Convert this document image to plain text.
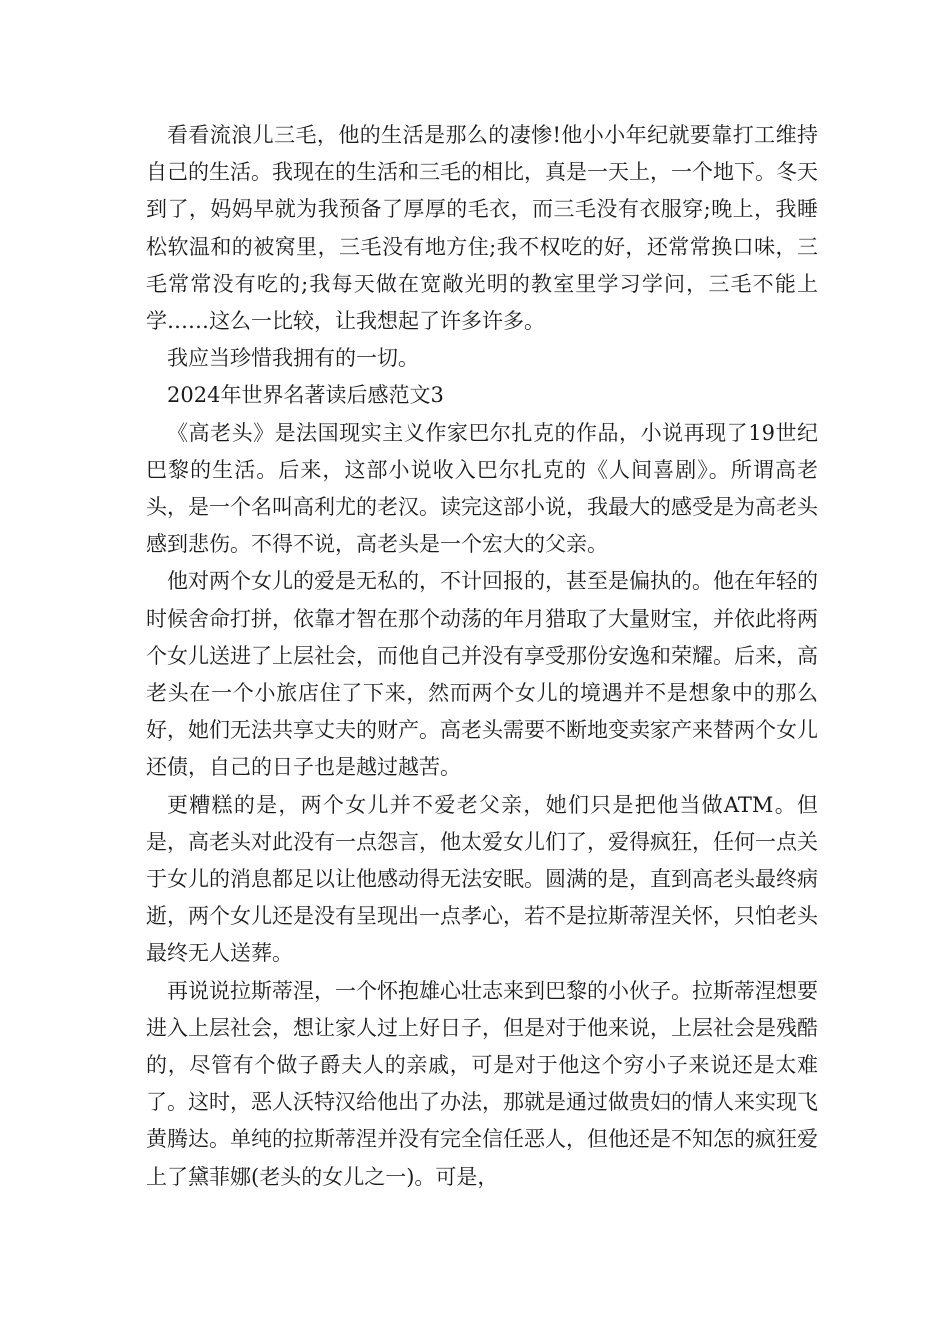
看看流浪儿三毛，他的生活是那么的凄惨!他小小年纪就要靠打工维持自己的生活。我现在的生活和三毛的相比，真是一天上，一个地下。冬天到了，妈妈早就为我预备了厚厚的毛衣，而三毛没有衣服穿;晚上，我睡松软温和的被窝里，三毛没有地方住;我不权吃的好，还常常换口味，三毛常常没有吃的;我每天做在宽敞光明的教室里学习学问，三毛不能上学……这么一比较，让我想起了许多许多。

我应当珍惜我拥有的一切。

2024年世界名著读后感范文3

《高老头》是法国现实主义作家巴尔扎克的作品，小说再现了19世纪巴黎的生活。后来，这部小说收入巴尔扎克的《人间喜剧》。所谓高老头，是一个名叫高利尤的老汉。读完这部小说，我最大的感受是为高老头感到悲伤。不得不说，高老头是一个宏大的父亲。

他对两个女儿的爱是无私的，不计回报的，甚至是偏执的。他在年轻的时候舍命打拼，依靠才智在那个动荡的年月猎取了大量财宝，并依此将两个女儿送进了上层社会，而他自己并没有享受那份安逸和荣耀。后来，高老头在一个小旅店住了下来，然而两个女儿的境遇并不是想象中的那么好，她们无法共享丈夫的财产。高老头需要不断地变卖家产来替两个女儿还债，自己的日子也是越过越苦。

更糟糕的是，两个女儿并不爱老父亲，她们只是把他当做ATM。但是，高老头对此没有一点怨言，他太爱女儿们了，爱得疯狂，任何一点关于女儿的消息都足以让他感动得无法安眠。圆满的是，直到高老头最终病逝，两个女儿还是没有呈现出一点孝心，若不是拉斯蒂涅关怀，只怕老头最终无人送葬。

再说说拉斯蒂涅，一个怀抱雄心壮志来到巴黎的小伙子。拉斯蒂涅想要进入上层社会，想让家人过上好日子，但是对于他来说，上层社会是残酷的，尽管有个做子爵夫人的亲戚，可是对于他这个穷小子来说还是太难了。这时，恶人沃特汉给他出了办法，那就是通过做贵妇的情人来实现飞黄腾达。单纯的拉斯蒂涅并没有完全信任恶人，但他还是不知怎的疯狂爱上了黛菲娜(老头的女儿之一)。可是，
